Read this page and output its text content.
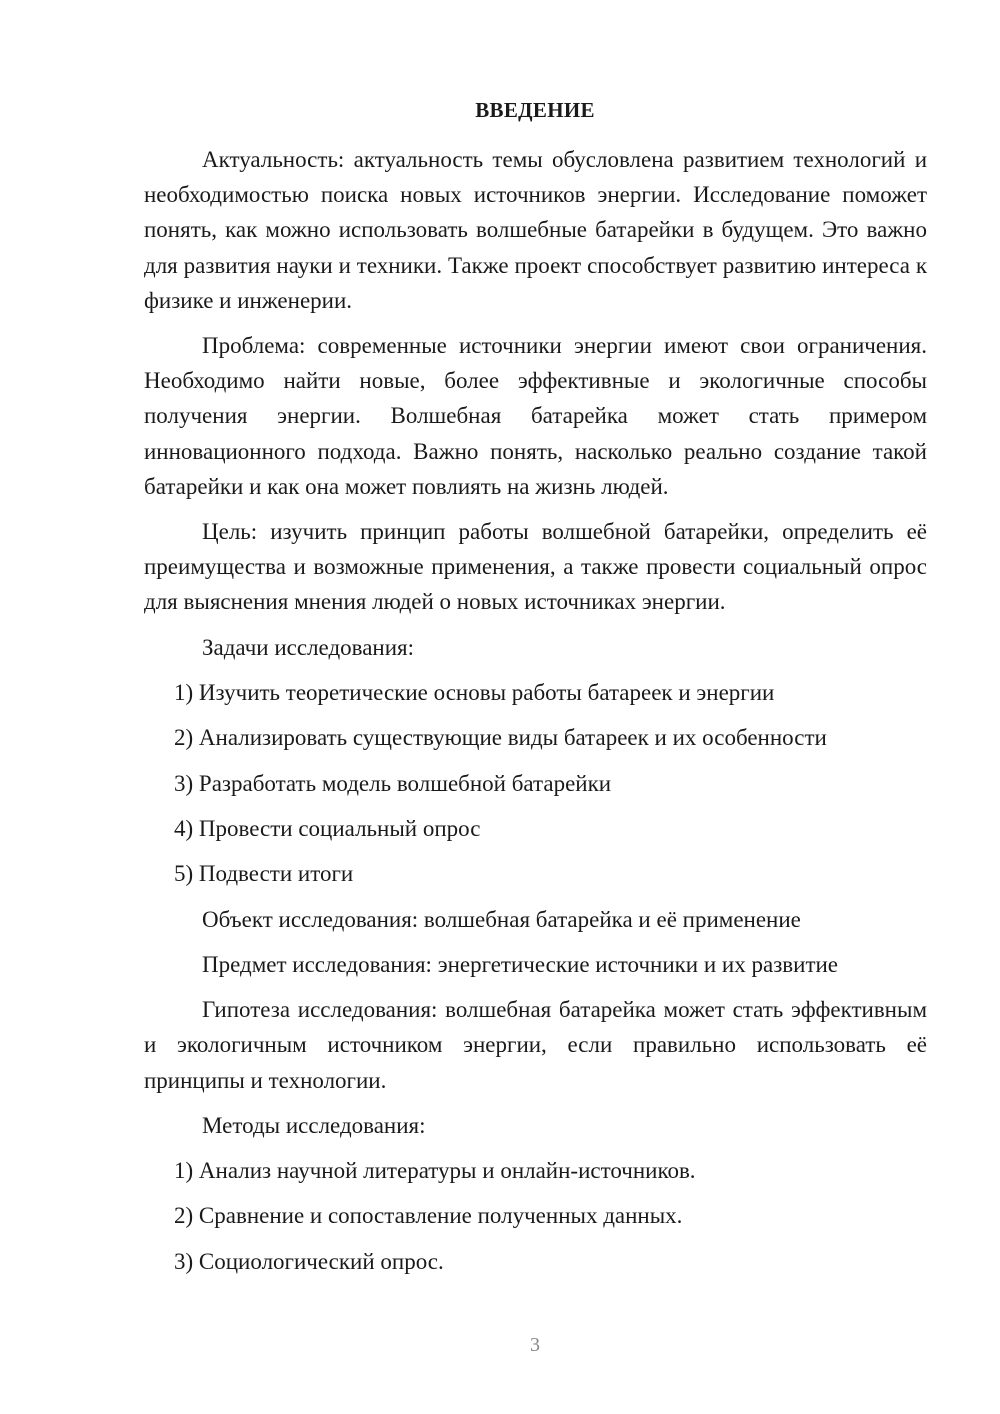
ВВЕДЕНИЕ

Актуальность: актуальность темы обусловлена развитием технологий и необходимостью поиска новых источников энергии. Исследование поможет понять, как можно использовать волшебные батарейки в будущем. Это важно для развития науки и техники. Также проект способствует развитию интереса к физике и инженерии.

Проблема: современные источники энергии имеют свои ограничения. Необходимо найти новые, более эффективные и экологичные способы получения энергии. Волшебная батарейка может стать примером инновационного подхода. Важно понять, насколько реально создание такой батарейки и как она может повлиять на жизнь людей.

Цель: изучить принцип работы волшебной батарейки, определить её преимущества и возможные применения, а также провести социальный опрос для выяснения мнения людей о новых источниках энергии.

Задачи исследования:

1) Изучить теоретические основы работы батареек и энергии
2) Анализировать существующие виды батареек и их особенности
3) Разработать модель волшебной батарейки
4) Провести социальный опрос
5) Подвести итоги

Объект исследования: волшебная батарейка и её применение

Предмет исследования: энергетические источники и их развитие

Гипотеза исследования: волшебная батарейка может стать эффективным и экологичным источником энергии, если правильно использовать её принципы и технологии.

Методы исследования:

1) Анализ научной литературы и онлайн-источников.
2) Сравнение и сопоставление полученных данных.
3) Социологический опрос.
3
